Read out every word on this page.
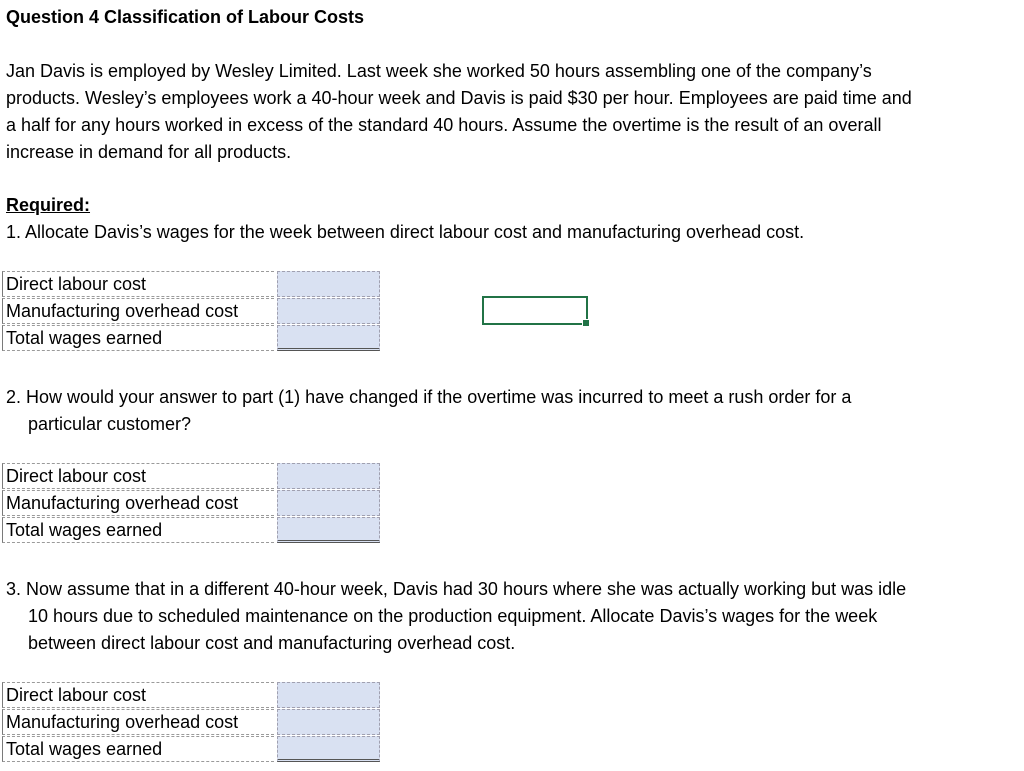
Question 4 Classification of Labour Costs
Jan Davis is employed by Wesley Limited. Last week she worked 50 hours assembling one of the company’s
products. Wesley’s employees work a 40-hour week and Davis is paid $30 per hour. Employees are paid time and
a half for any hours worked in excess of the standard 40 hours. Assume the overtime is the result of an overall
increase in demand for all products.
Required:
1. Allocate Davis’s wages for the week between direct labour cost and manufacturing overhead cost.
Direct labour cost
Manufacturing overhead cost
Total wages earned
2. How would your answer to part (1) have changed if the overtime was incurred to meet a rush order for a
particular customer?
Direct labour cost
Manufacturing overhead cost
Total wages earned
3. Now assume that in a different 40-hour week, Davis had 30 hours where she was actually working but was idle
10 hours due to scheduled maintenance on the production equipment. Allocate Davis’s wages for the week
between direct labour cost and manufacturing overhead cost.
Direct labour cost
Manufacturing overhead cost
Total wages earned
